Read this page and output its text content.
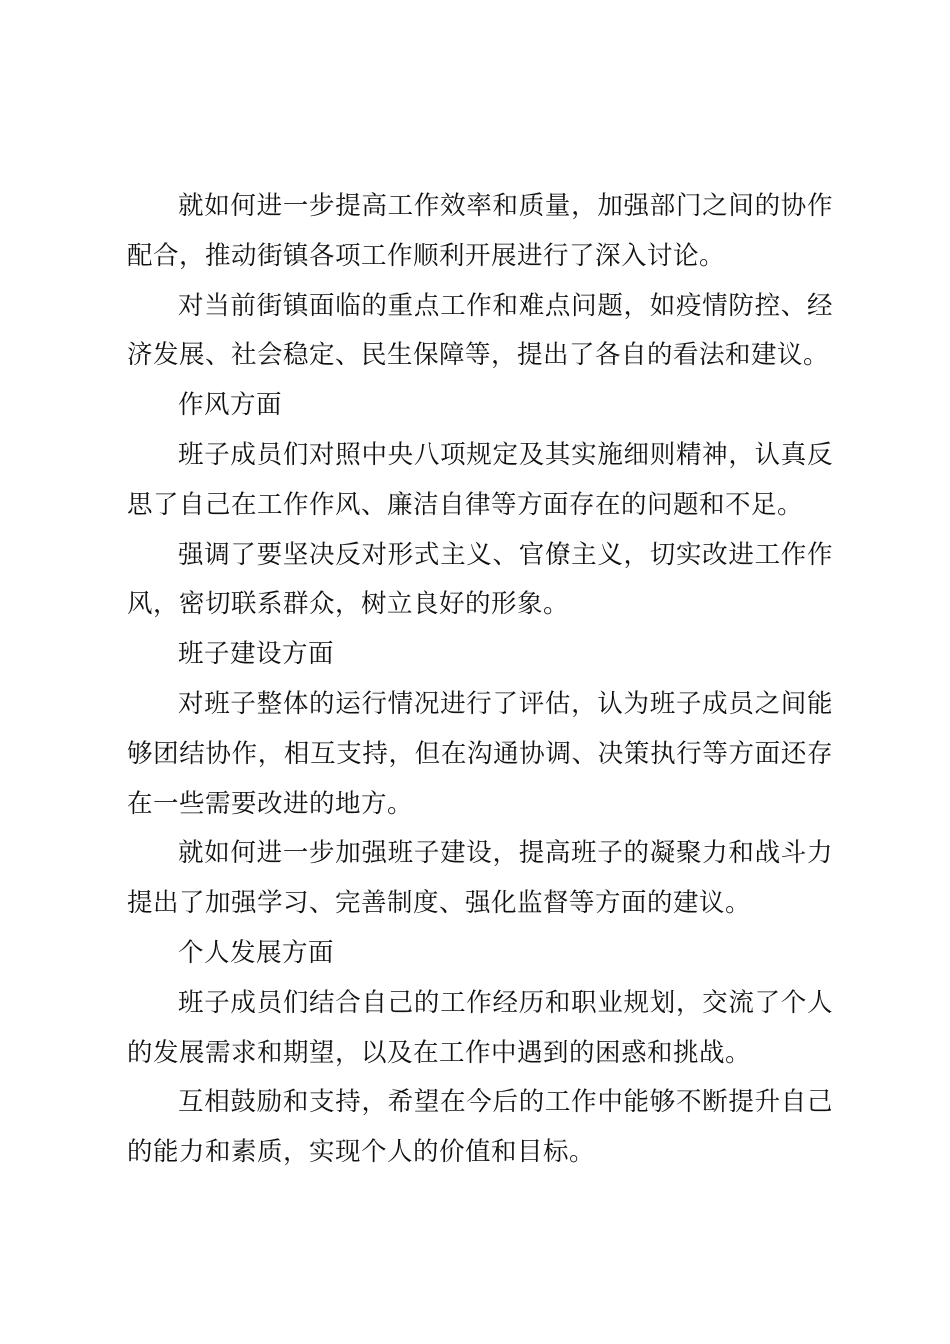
就如何进一步提高工作效率和质量，加强部门之间的协作配合，推动街镇各项工作顺利开展进行了深入讨论。

对当前街镇面临的重点工作和难点问题，如疫情防控、经济发展、社会稳定、民生保障等，提出了各自的看法和建议。

作风方面

班子成员们对照中央八项规定及其实施细则精神，认真反思了自己在工作作风、廉洁自律等方面存在的问题和不足。

强调了要坚决反对形式主义、官僚主义，切实改进工作作风，密切联系群众，树立良好的形象。

班子建设方面

对班子整体的运行情况进行了评估，认为班子成员之间能够团结协作，相互支持，但在沟通协调、决策执行等方面还存在一些需要改进的地方。

就如何进一步加强班子建设，提高班子的凝聚力和战斗力提出了加强学习、完善制度、强化监督等方面的建议。

个人发展方面

班子成员们结合自己的工作经历和职业规划，交流了个人的发展需求和期望，以及在工作中遇到的困惑和挑战。

互相鼓励和支持，希望在今后的工作中能够不断提升自己的能力和素质，实现个人的价值和目标。
